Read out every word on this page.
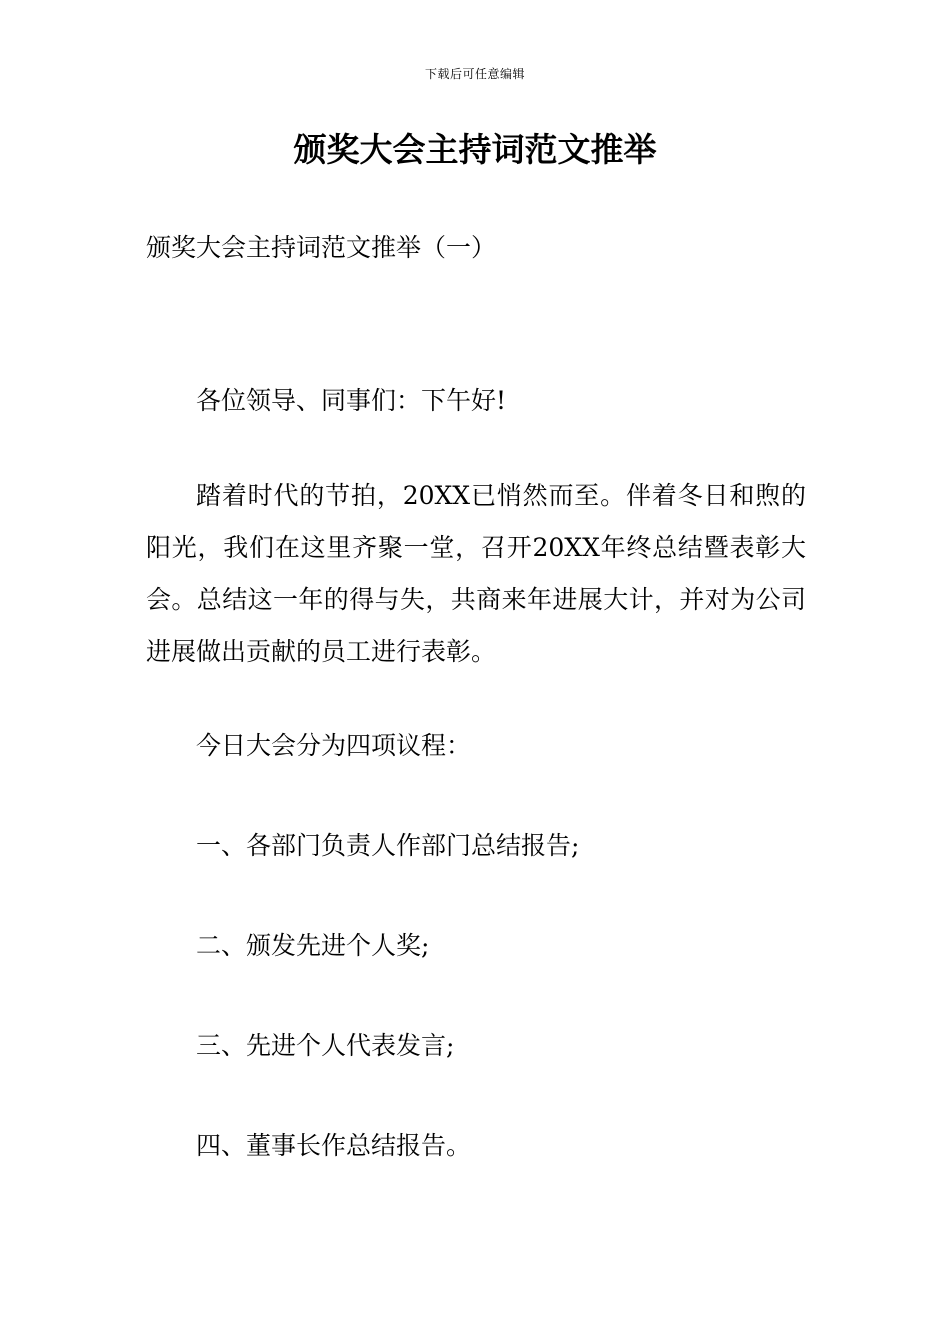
下载后可任意编辑
颁奖大会主持词范文推举
颁奖大会主持词范文推举（一）

各位领导、同事们：下午好!

踏着时代的节拍，20XX已悄然而至。伴着冬日和煦的阳光，我们在这里齐聚一堂，召开20XX年终总结暨表彰大会。总结这一年的得与失，共商来年进展大计，并对为公司进展做出贡献的员工进行表彰。

今日大会分为四项议程：

一、各部门负责人作部门总结报告;

二、颁发先进个人奖;

三、先进个人代表发言;

四、董事长作总结报告。
